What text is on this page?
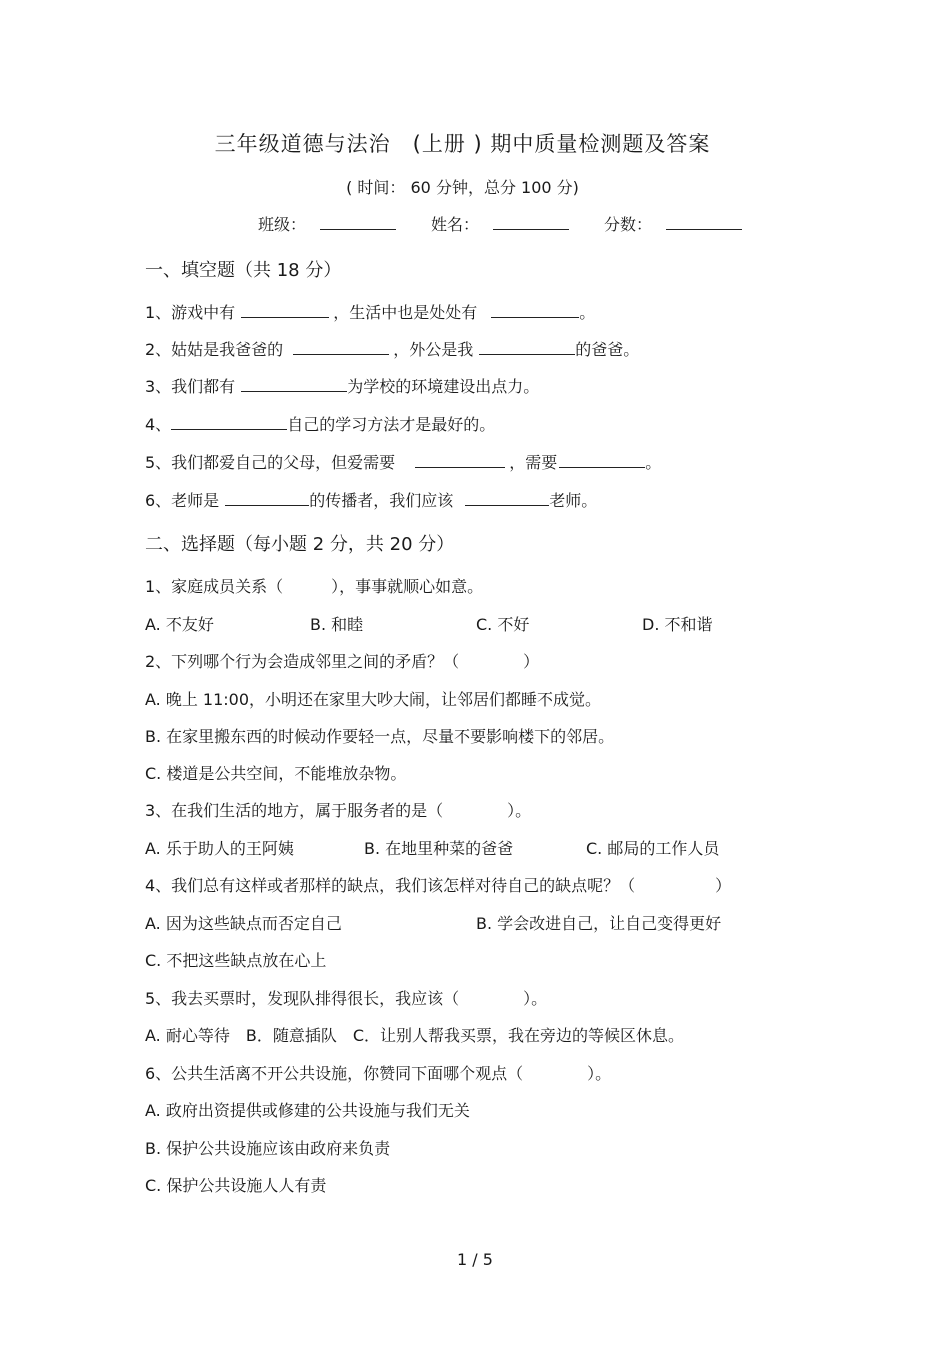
三年级道德与法治　(上册 ) 期中质量检测题及答案
( 时间： 60 分钟，总分 100 分)
班级：	姓名：	分数：
一、填空题（共 18 分）
1、游戏中有	，生活中也是处处有	。
2、姑姑是我爸爸的	，外公是我	的爸爸。
3、我们都有	为学校的环境建设出点力。
4、	自己的学习方法才是最好的。
5、我们都爱自己的父母，但爱需要	，需要	。
6、老师是	的传播者，我们应该	老师。
二、选择题（每小题 2 分，共 20 分）
1、家庭成员关系（　　　），事事就顺心如意。
A. 不友好	B. 和睦	C. 不好	D. 不和谐
2、下列哪个行为会造成邻里之间的矛盾？（　　　　）
A. 晚上 11:00，小明还在家里大吵大闹，让邻居们都睡不成觉。
B. 在家里搬东西的时候动作要轻一点，尽量不要影响楼下的邻居。
C. 楼道是公共空间，不能堆放杂物。
3、在我们生活的地方，属于服务者的是（　　　　）。
A. 乐于助人的王阿姨	B. 在地里种菜的爸爸	C. 邮局的工作人员
4、我们总有这样或者那样的缺点，我们该怎样对待自己的缺点呢？（　　　　　）
A. 因为这些缺点而否定自己	B. 学会改进自己，让自己变得更好
C. 不把这些缺点放在心上
5、我去买票时，发现队排得很长，我应该（　　　　）。
A. 耐心等待　B．随意插队　C．让别人帮我买票，我在旁边的等候区休息。
6、公共生活离不开公共设施，你赞同下面哪个观点（　　　　）。
A. 政府出资提供或修建的公共设施与我们无关
B. 保护公共设施应该由政府来负责
C. 保护公共设施人人有责
1 / 5
